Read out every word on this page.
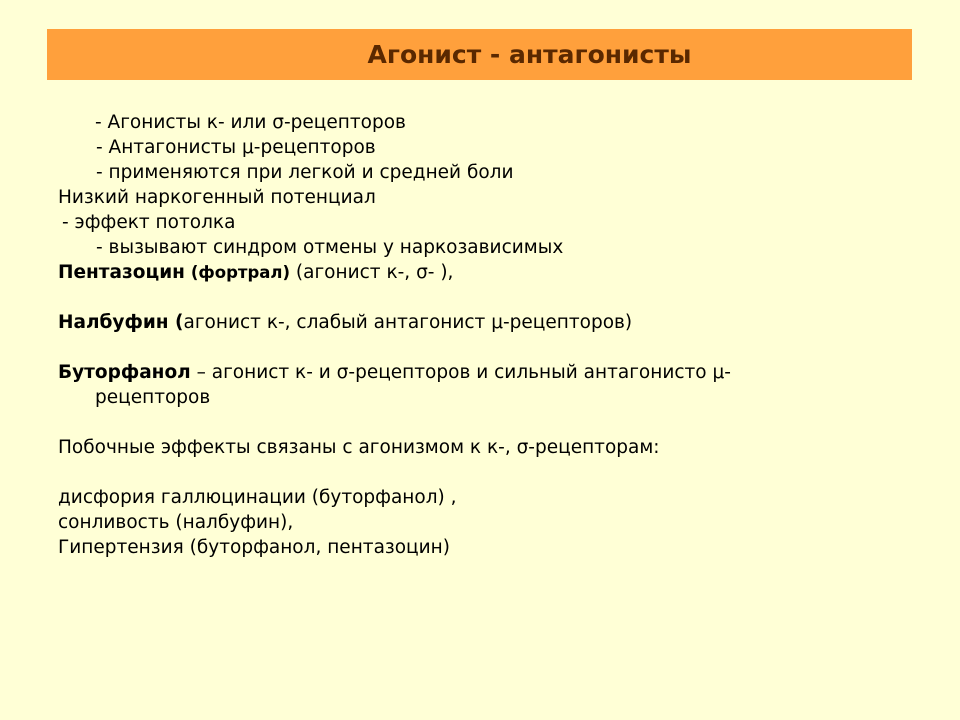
Агонист - антагонисты
- Агонисты к- или σ-рецепторов
- Антагонисты μ-рецепторов
- применяются при легкой и средней боли
Низкий наркогенный потенциал
- эффект потолка
- вызывают синдром отмены у наркозависимых
Пентазоцин (фортрал) (агонист к-, σ- ),
Налбуфин (агонист к-, слабый антагонист μ-рецепторов)
Буторфанол – агонист к- и σ-рецепторов и сильный антагонисто μ-
рецепторов
Побочные эффекты связаны с агонизмом к к-, σ-рецепторам:
дисфория галлюцинации (буторфанол) ,
сонливость (налбуфин),
Гипертензия (буторфанол, пентазоцин)
